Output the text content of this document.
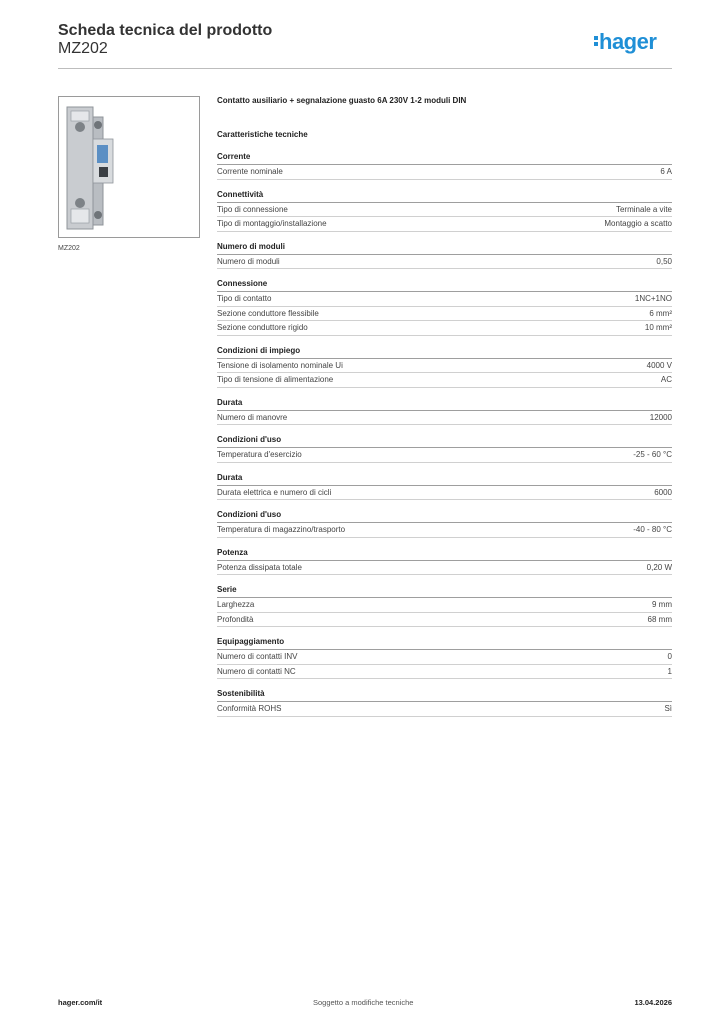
Scheda tecnica del prodotto
MZ202	hager
MZ202
Contatto ausiliario + segnalazione guasto 6A 230V 1-2 moduli DIN
Caratteristiche tecniche
Corrente
Corrente nominale	6 A
Connettività
Tipo di connessione	Terminale a vite
Tipo di montaggio/installazione	Montaggio a scatto
Numero di moduli
Numero di moduli	0,50
Connessione
Tipo di contatto	1NC+1NO
Sezione conduttore flessibile	6 mm²
Sezione conduttore rigido	10 mm²
Condizioni di impiego
Tensione di isolamento nominale Ui	4000 V
Tipo di tensione di alimentazione	AC
Durata
Numero di manovre	12000
Condizioni d'uso
Temperatura d'esercizio	-25 - 60 °C
Durata
Durata elettrica e numero di cicli	6000
Condizioni d'uso
Temperatura di magazzino/trasporto	-40 - 80 °C
Potenza
Potenza dissipata totale	0,20 W
Serie
Larghezza	9 mm
Profondità	68 mm
Equipaggiamento
Numero di contatti INV	0
Numero di contatti NC	1
Sostenibilità
Conformità ROHS	Sì
hager.com/it	Soggetto a modifiche tecniche	13.04.2026
